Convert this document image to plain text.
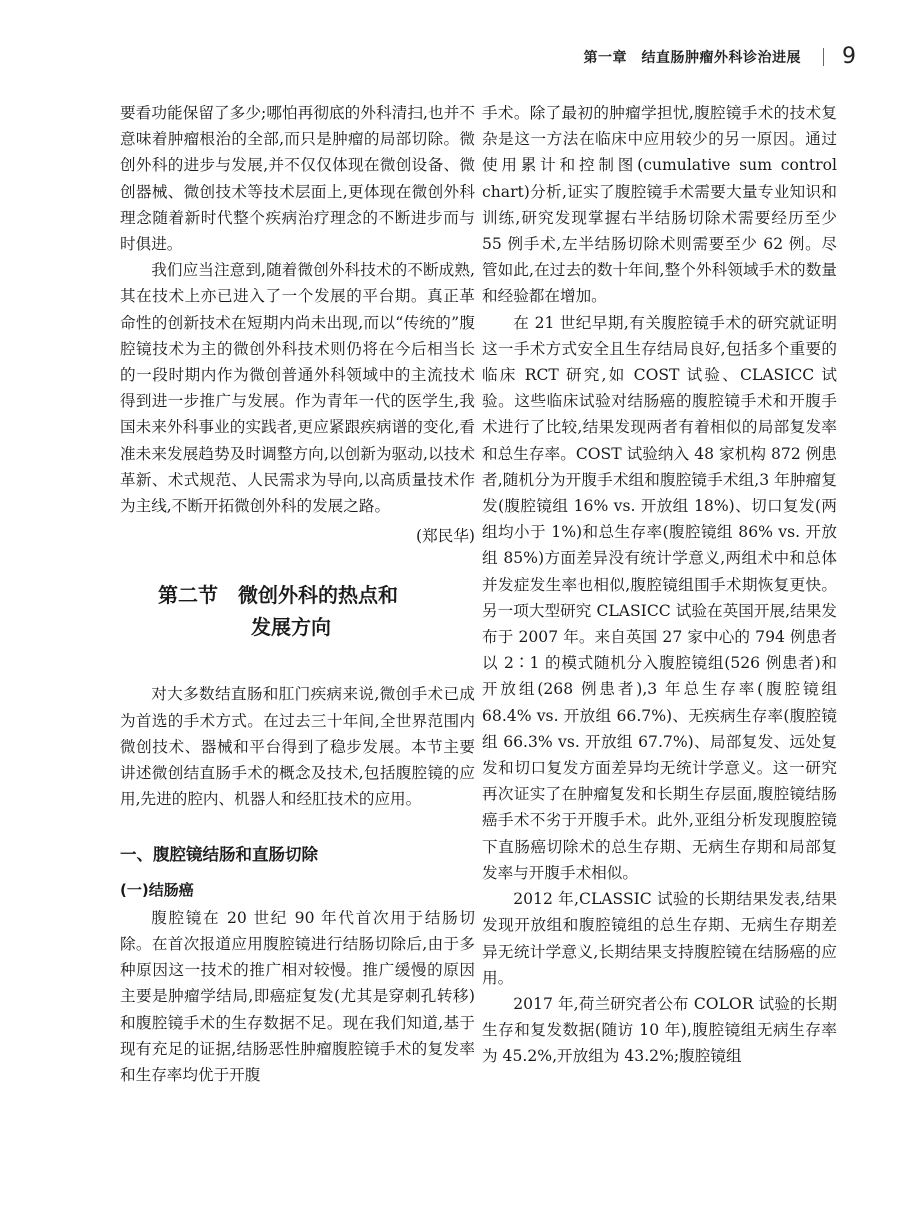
第一章　结直肠肿瘤外科诊治进展 9

要看功能保留了多少;哪怕再彻底的外科清扫,也并不意味着肿瘤根治的全部,而只是肿瘤的局部切除。微创外科的进步与发展,并不仅仅体现在微创设备、微创器械、微创技术等技术层面上,更体现在微创外科理念随着新时代整个疾病治疗理念的不断进步而与时俱进。

我们应当注意到,随着微创外科技术的不断成熟,其在技术上亦已进入了一个发展的平台期。真正革命性的创新技术在短期内尚未出现,而以“传统的”腹腔镜技术为主的微创外科技术则仍将在今后相当长的一段时期内作为微创普通外科领域中的主流技术得到进一步推广与发展。作为青年一代的医学生,我国未来外科事业的实践者,更应紧跟疾病谱的变化,看准未来发展趋势及时调整方向,以创新为驱动,以技术革新、术式规范、人民需求为导向,以高质量技术作为主线,不断开拓微创外科的发展之路。

(郑民华)

第二节　微创外科的热点和
发展方向

对大多数结直肠和肛门疾病来说,微创手术已成为首选的手术方式。在过去三十年间,全世界范围内微创技术、器械和平台得到了稳步发展。本节主要讲述微创结直肠手术的概念及技术,包括腹腔镜的应用,先进的腔内、机器人和经肛技术的应用。

一、腹腔镜结肠和直肠切除
(一)结肠癌

腹腔镜在 20 世纪 90 年代首次用于结肠切除。在首次报道应用腹腔镜进行结肠切除后,由于多种原因这一技术的推广相对较慢。推广缓慢的原因主要是肿瘤学结局,即癌症复发(尤其是穿刺孔转移)和腹腔镜手术的生存数据不足。现在我们知道,基于现有充足的证据,结肠恶性肿瘤腹腔镜手术的复发率和生存率均优于开腹

手术。除了最初的肿瘤学担忧,腹腔镜手术的技术复杂是这一方法在临床中应用较少的另一原因。通过使用累计和控制图(cumulative sum control chart)分析,证实了腹腔镜手术需要大量专业知识和训练,研究发现掌握右半结肠切除术需要经历至少 55 例手术,左半结肠切除术则需要至少 62 例。尽管如此,在过去的数十年间,整个外科领域手术的数量和经验都在增加。

在 21 世纪早期,有关腹腔镜手术的研究就证明这一手术方式安全且生存结局良好,包括多个重要的临床 RCT 研究,如 COST 试验、CLASICC 试验。这些临床试验对结肠癌的腹腔镜手术和开腹手术进行了比较,结果发现两者有着相似的局部复发率和总生存率。COST 试验纳入 48 家机构 872 例患者,随机分为开腹手术组和腹腔镜手术组,3 年肿瘤复发(腹腔镜组 16% vs. 开放组 18%)、切口复发(两组均小于 1%)和总生存率(腹腔镜组 86% vs. 开放组 85%)方面差异没有统计学意义,两组术中和总体并发症发生率也相似,腹腔镜组围手术期恢复更快。另一项大型研究 CLASICC 试验在英国开展,结果发布于 2007 年。来自英国 27 家中心的 794 例患者以 2∶1 的模式随机分入腹腔镜组(526 例患者)和开放组(268 例患者),3 年总生存率(腹腔镜组 68.4% vs. 开放组 66.7%)、无疾病生存率(腹腔镜组 66.3% vs. 开放组 67.7%)、局部复发、远处复发和切口复发方面差异均无统计学意义。这一研究再次证实了在肿瘤复发和长期生存层面,腹腔镜结肠癌手术不劣于开腹手术。此外,亚组分析发现腹腔镜下直肠癌切除术的总生存期、无病生存期和局部复发率与开腹手术相似。

2012 年,CLASSIC 试验的长期结果发表,结果发现开放组和腹腔镜组的总生存期、无病生存期差异无统计学意义,长期结果支持腹腔镜在结肠癌的应用。

2017 年,荷兰研究者公布 COLOR 试验的长期生存和复发数据(随访 10 年),腹腔镜组无病生存率为 45.2%,开放组为 43.2%;腹腔镜组
